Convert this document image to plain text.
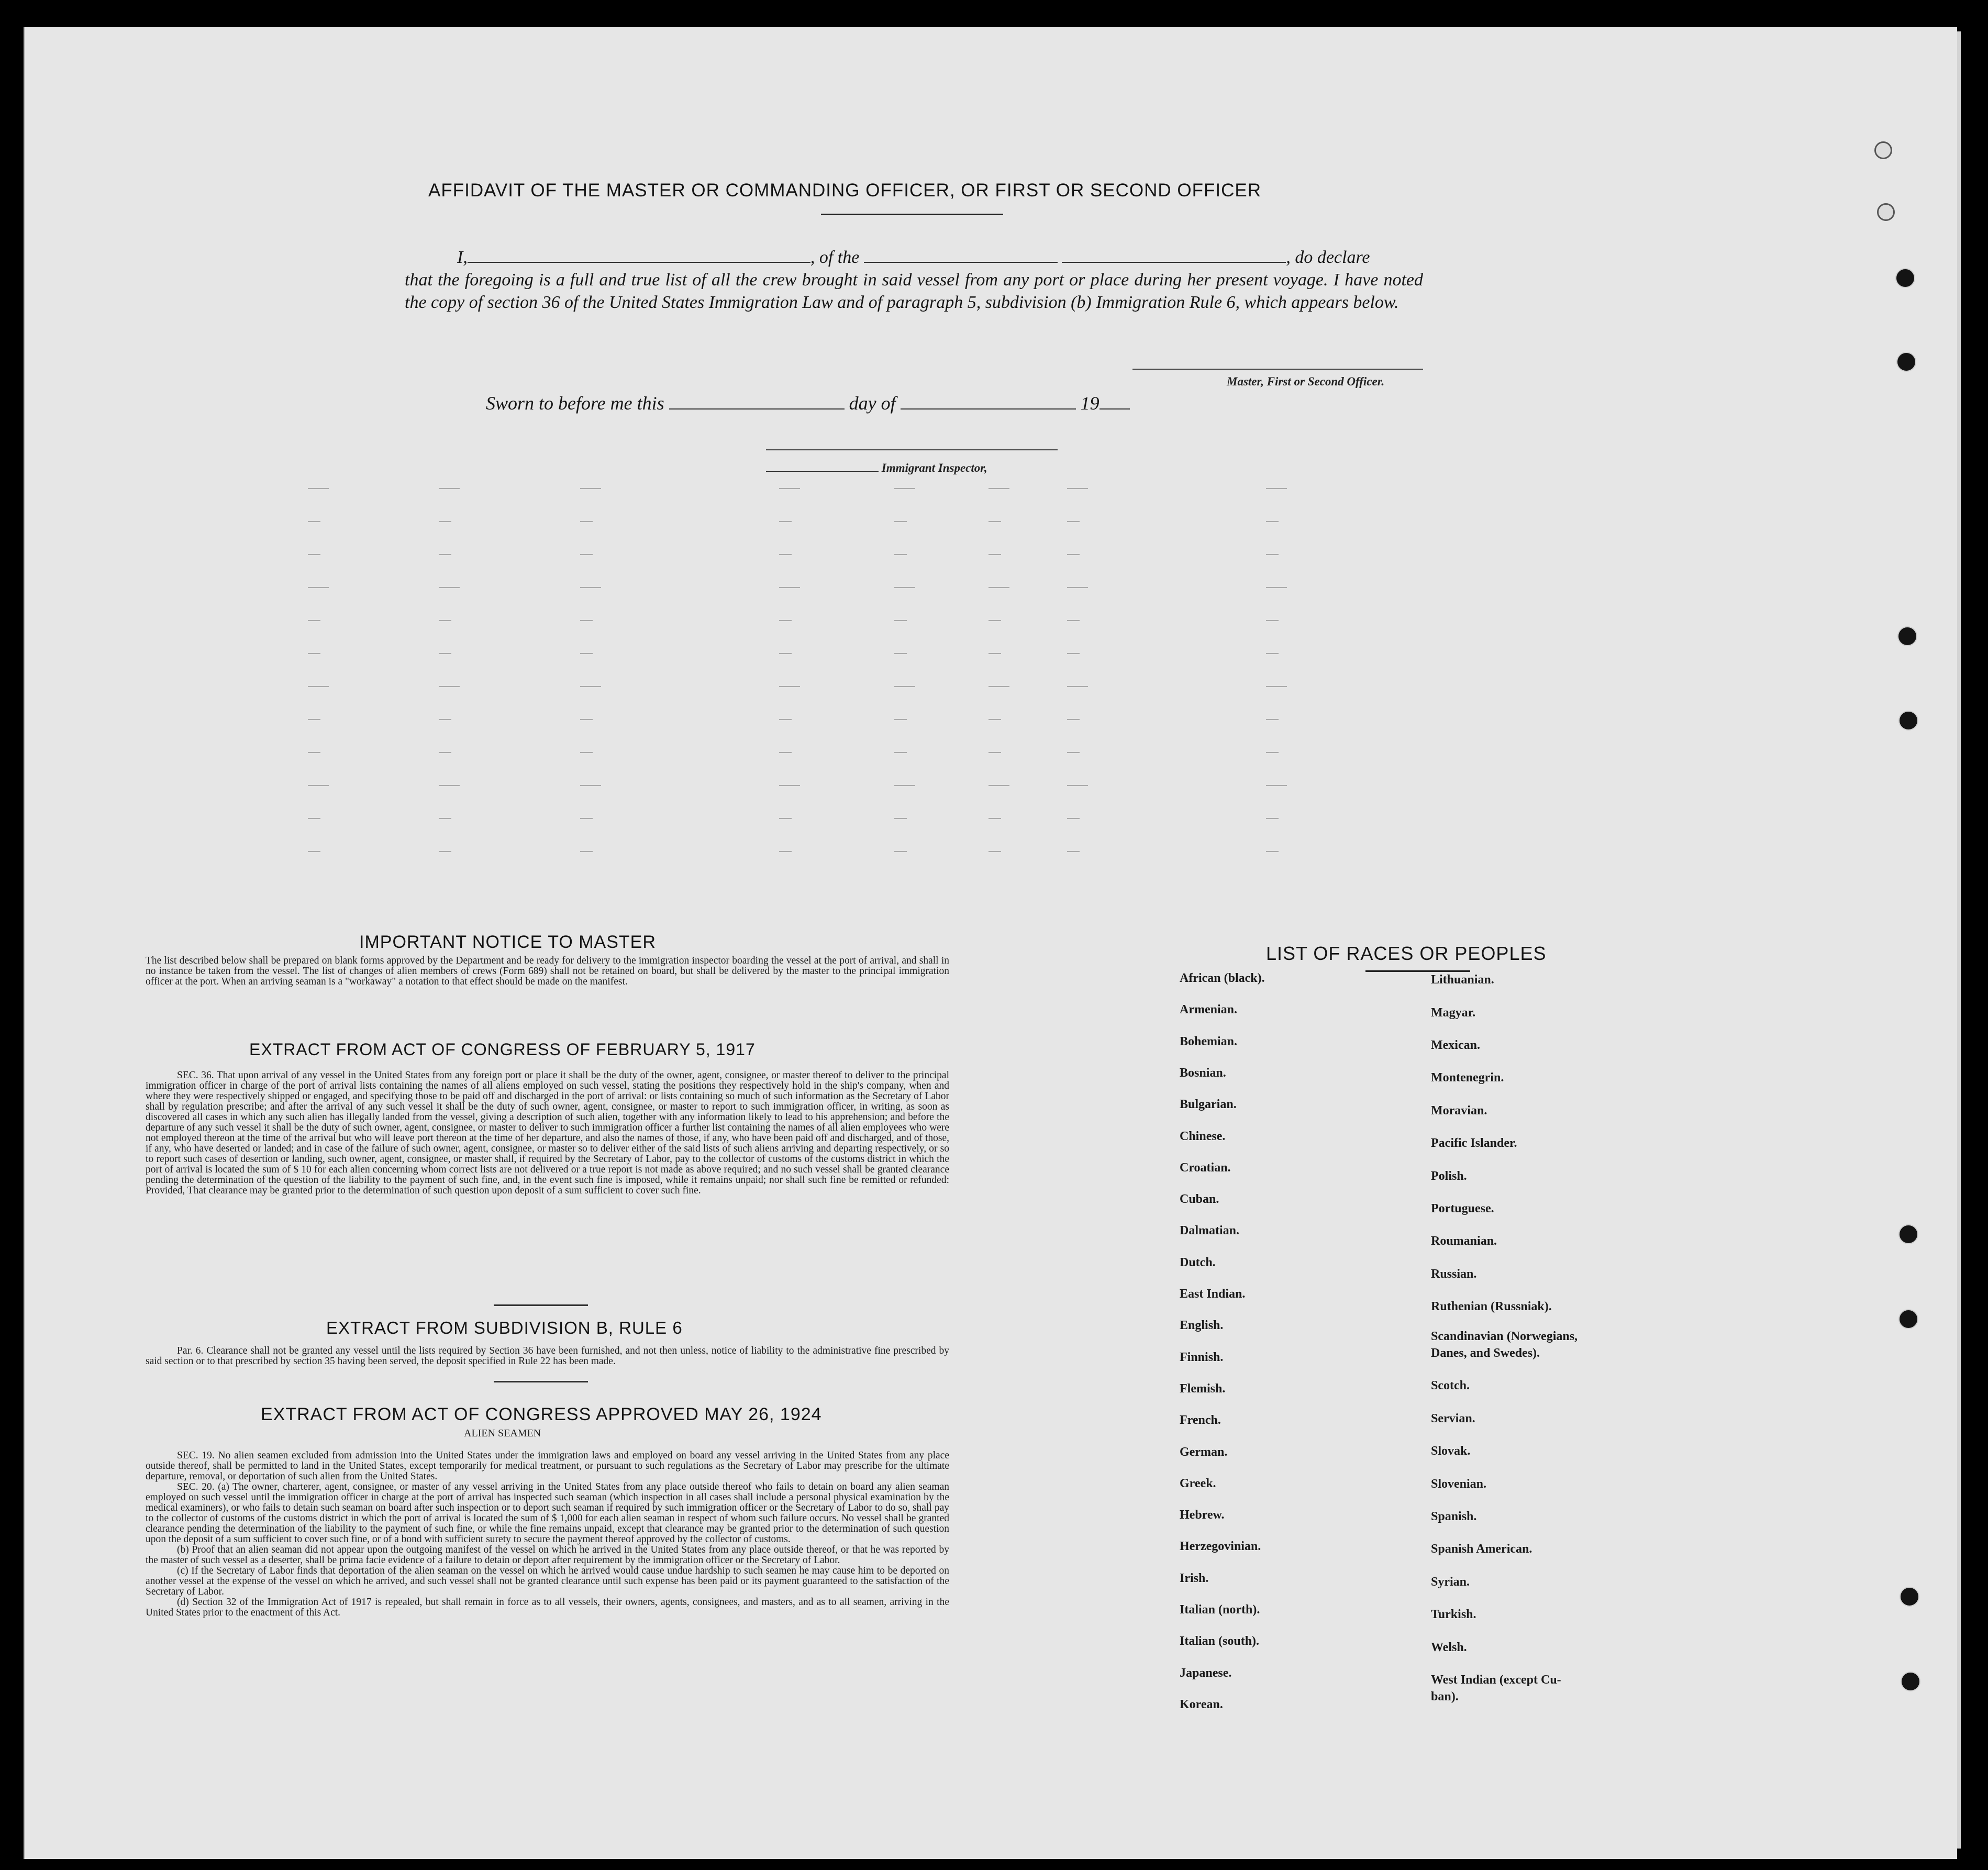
AFFIDAVIT OF THE MASTER OR COMMANDING OFFICER, OR FIRST OR SECOND OFFICER
I,	, of the	, do declare
that the foregoing is a full and true list of all the crew brought in said vessel from any port or place during her present voyage. I have noted the copy of section 36 of the United States Immigration Law and of paragraph 5, subdivision (b) Immigration Rule 6, which appears below.
Master, First or Second Officer.
Sworn to before me this	day of	19
Immigrant Inspector,
IMPORTANT NOTICE TO MASTER
The list described below shall be prepared on blank forms approved by the Department and be ready for delivery to the immigration inspector boarding the vessel at the port of arrival, and shall in no instance be taken from the vessel. The list of changes of alien members of crews (Form 689) shall not be retained on board, but shall be delivered by the master to the principal immigration officer at the port. When an arriving seaman is a "workaway" a notation to that effect should be made on the manifest.
EXTRACT FROM ACT OF CONGRESS OF FEBRUARY 5, 1917
SEC. 36. That upon arrival of any vessel in the United States from any foreign port or place it shall be the duty of the owner, agent, consignee, or master thereof to deliver to the principal immigration officer in charge of the port of arrival lists containing the names of all aliens employed on such vessel, stating the positions they respectively hold in the ship's company, when and where they were respectively shipped or engaged, and specifying those to be paid off and discharged in the port of arrival: or lists containing so much of such information as the Secretary of Labor shall by regulation prescribe; and after the arrival of any such vessel it shall be the duty of such owner, agent, consignee, or master to report to such immigration officer, in writing, as soon as discovered all cases in which any such alien has illegally landed from the vessel, giving a description of such alien, together with any information likely to lead to his apprehension; and before the departure of any such vessel it shall be the duty of such owner, agent, consignee, or master to deliver to such immigration officer a further list containing the names of all alien employees who were not employed thereon at the time of the arrival but who will leave port thereon at the time of her departure, and also the names of those, if any, who have been paid off and discharged, and of those, if any, who have deserted or landed; and in case of the failure of such owner, agent, consignee, or master so to deliver either of the said lists of such aliens arriving and departing respectively, or so to report such cases of desertion or landing, such owner, agent, consignee, or master shall, if required by the Secretary of Labor, pay to the collector of customs of the customs district in which the port of arrival is located the sum of $ 10 for each alien concerning whom correct lists are not delivered or a true report is not made as above required; and no such vessel shall be granted clearance pending the determination of the question of the liability to the payment of such fine, and, in the event such fine is imposed, while it remains unpaid; nor shall such fine be remitted or refunded: Provided, That clearance may be granted prior to the determination of such question upon deposit of a sum sufficient to cover such fine.
EXTRACT FROM SUBDIVISION B, RULE 6
Par. 6. Clearance shall not be granted any vessel until the lists required by Section 36 have been furnished, and not then unless, notice of liability to the administrative fine prescribed by said section or to that prescribed by section 35 having been served, the deposit specified in Rule 22 has been made.
EXTRACT FROM ACT OF CONGRESS APPROVED MAY 26, 1924
ALIEN SEAMEN
SEC. 19. No alien seamen excluded from admission into the United States under the immigration laws and employed on board any vessel arriving in the United States from any place outside thereof, shall be permitted to land in the United States, except temporarily for medical treatment, or pursuant to such regulations as the Secretary of Labor may prescribe for the ultimate departure, removal, or deportation of such alien from the United States.
SEC. 20. (a) The owner, charterer, agent, consignee, or master of any vessel arriving in the United States from any place outside thereof who fails to detain on board any alien seaman employed on such vessel until the immigration officer in charge at the port of arrival has inspected such seaman (which inspection in all cases shall include a personal physical examination by the medical examiners), or who fails to detain such seaman on board after such inspection or to deport such seaman if required by such immigration officer or the Secretary of Labor to do so, shall pay to the collector of customs of the customs district in which the port of arrival is located the sum of $ 1,000 for each alien seaman in respect of whom such failure occurs. No vessel shall be granted clearance pending the determination of the liability to the payment of such fine, or while the fine remains unpaid, except that clearance may be granted prior to the determination of such question upon the deposit of a sum sufficient to cover such fine, or of a bond with sufficient surety to secure the payment thereof approved by the collector of customs.
(b) Proof that an alien seaman did not appear upon the outgoing manifest of the vessel on which he arrived in the United States from any place outside thereof, or that he was reported by the master of such vessel as a deserter, shall be prima facie evidence of a failure to detain or deport after requirement by the immigration officer or the Secretary of Labor.
(c) If the Secretary of Labor finds that deportation of the alien seaman on the vessel on which he arrived would cause undue hardship to such seamen he may cause him to be deported on another vessel at the expense of the vessel on which he arrived, and such vessel shall not be granted clearance until such expense has been paid or its payment guaranteed to the satisfaction of the Secretary of Labor.
(d) Section 32 of the Immigration Act of 1917 is repealed, but shall remain in force as to all vessels, their owners, agents, consignees, and masters, and as to all seamen, arriving in the United States prior to the enactment of this Act.
LIST OF RACES OR PEOPLES
African (black).
Armenian.
Bohemian.
Bosnian.
Bulgarian.
Chinese.
Croatian.
Cuban.
Dalmatian.
Dutch.
East Indian.
English.
Finnish.
Flemish.
French.
German.
Greek.
Hebrew.
Herzegovinian.
Irish.
Italian (north).
Italian (south).
Japanese.
Korean.
Lithuanian.
Magyar.
Mexican.
Montenegrin.
Moravian.
Pacific Islander.
Polish.
Portuguese.
Roumanian.
Russian.
Ruthenian (Russniak).
Scandinavian (Norwegians,
Danes, and Swedes).
Scotch.
Servian.
Slovak.
Slovenian.
Spanish.
Spanish American.
Syrian.
Turkish.
Welsh.
West Indian (except Cu-
ban).
